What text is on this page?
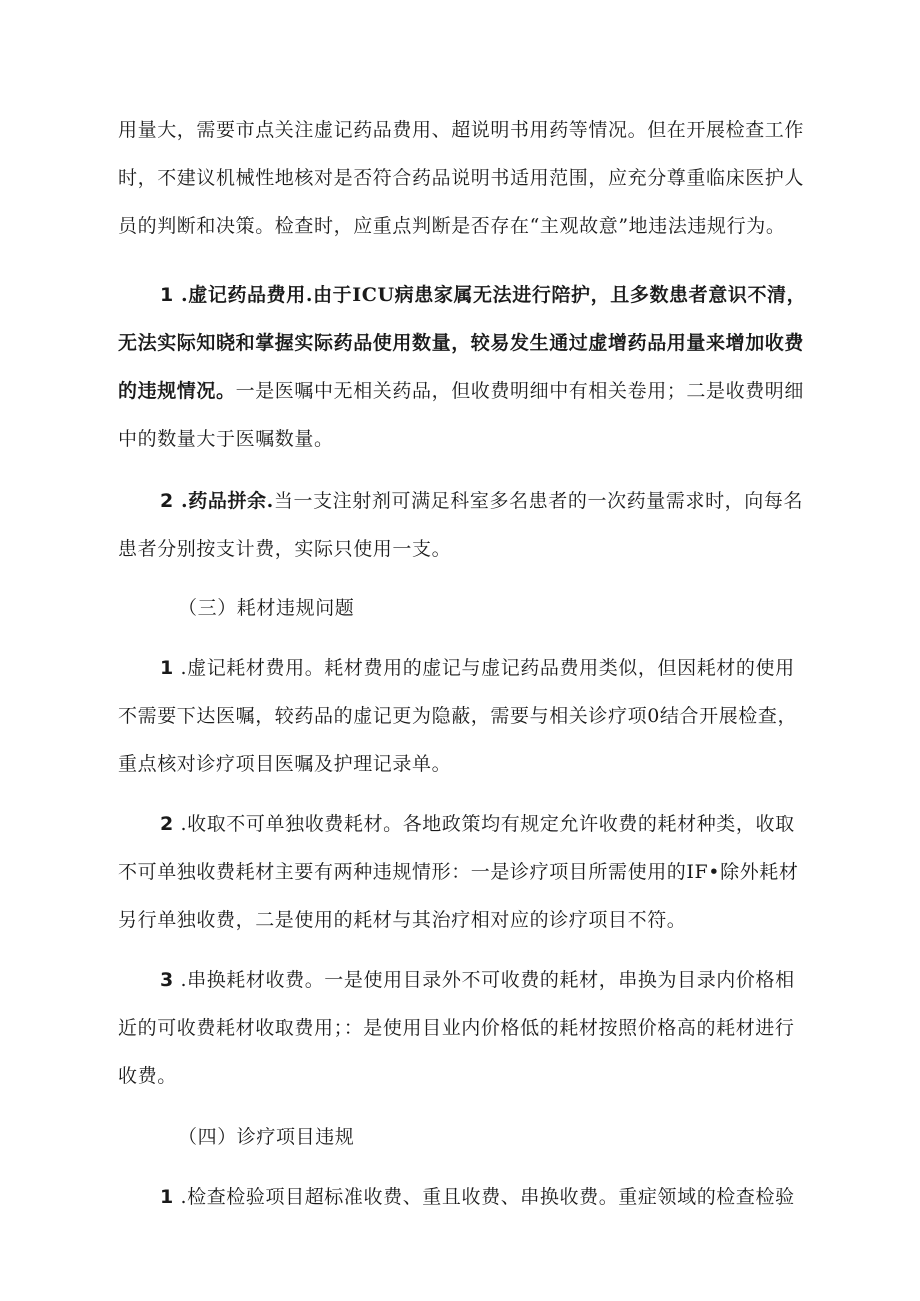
用量大，需要市点关注虚记药品费用、超说明书用药等情况。但在开展检查工作
时，不建议机械性地核对是否符合药品说明书适用范围，应充分尊重临床医护人
员的判断和决策。检查时，应重点判断是否存在“主观故意”地违法违规行为。
1 .虚记药品费用.由于ICU病患家属无法进行陪护，且多数患者意识不清，
无法实际知晓和掌握实际药品使用数量，较易发生通过虚增药品用量来增加收费
的违规情况。一是医嘱中无相关药品，但收费明细中有相关卷用；二是收费明细
中的数量大于医嘱数量。
2 .药品拼余.当一支注射剂可满足科室多名患者的一次药量需求时，向每名
患者分别按支计费，实际只使用一支。
（三）耗材违规问题
1 .虚记耗材费用。耗材费用的虚记与虚记药品费用类似，但因耗材的使用
不需要下达医嘱，较药品的虚记更为隐蔽，需要与相关诊疗项0结合开展检查，
重点核对诊疗项目医嘱及护理记录单。
2 .收取不可单独收费耗材。各地政策均有规定允许收费的耗材种类，收取
不可单独收费耗材主要有两种违规情形：一是诊疗项目所需使用的IF•除外耗材
另行单独收费，二是使用的耗材与其治疗相对应的诊疗项目不符。
3 .串换耗材收费。一是使用目录外不可收费的耗材，串换为目录内价格相
近的可收费耗材收取费用；：是使用目业内价格低的耗材按照价格高的耗材进行
收费。
（四）诊疗项目违规
1 .检查检验项目超标准收费、重且收费、串换收费。重症领域的检查检验
